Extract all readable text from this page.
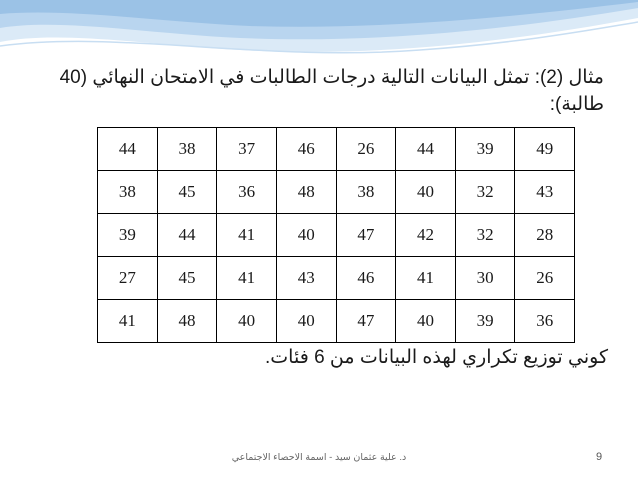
مثال (2): تمثل البيانات التالية درجات الطالبات في الامتحان النهائي (40 طالبة):
49	39	44	26	46	37	38	44
43	32	40	38	48	36	45	38
28	32	42	47	40	41	44	39
26	30	41	46	43	41	45	27
36	39	40	47	40	40	48	41
كوني توزيع تكراري لهذه البيانات من 6 فئات.
د. علية عثمان سيد - اسمة الاحصاء الاجتماعي	9
